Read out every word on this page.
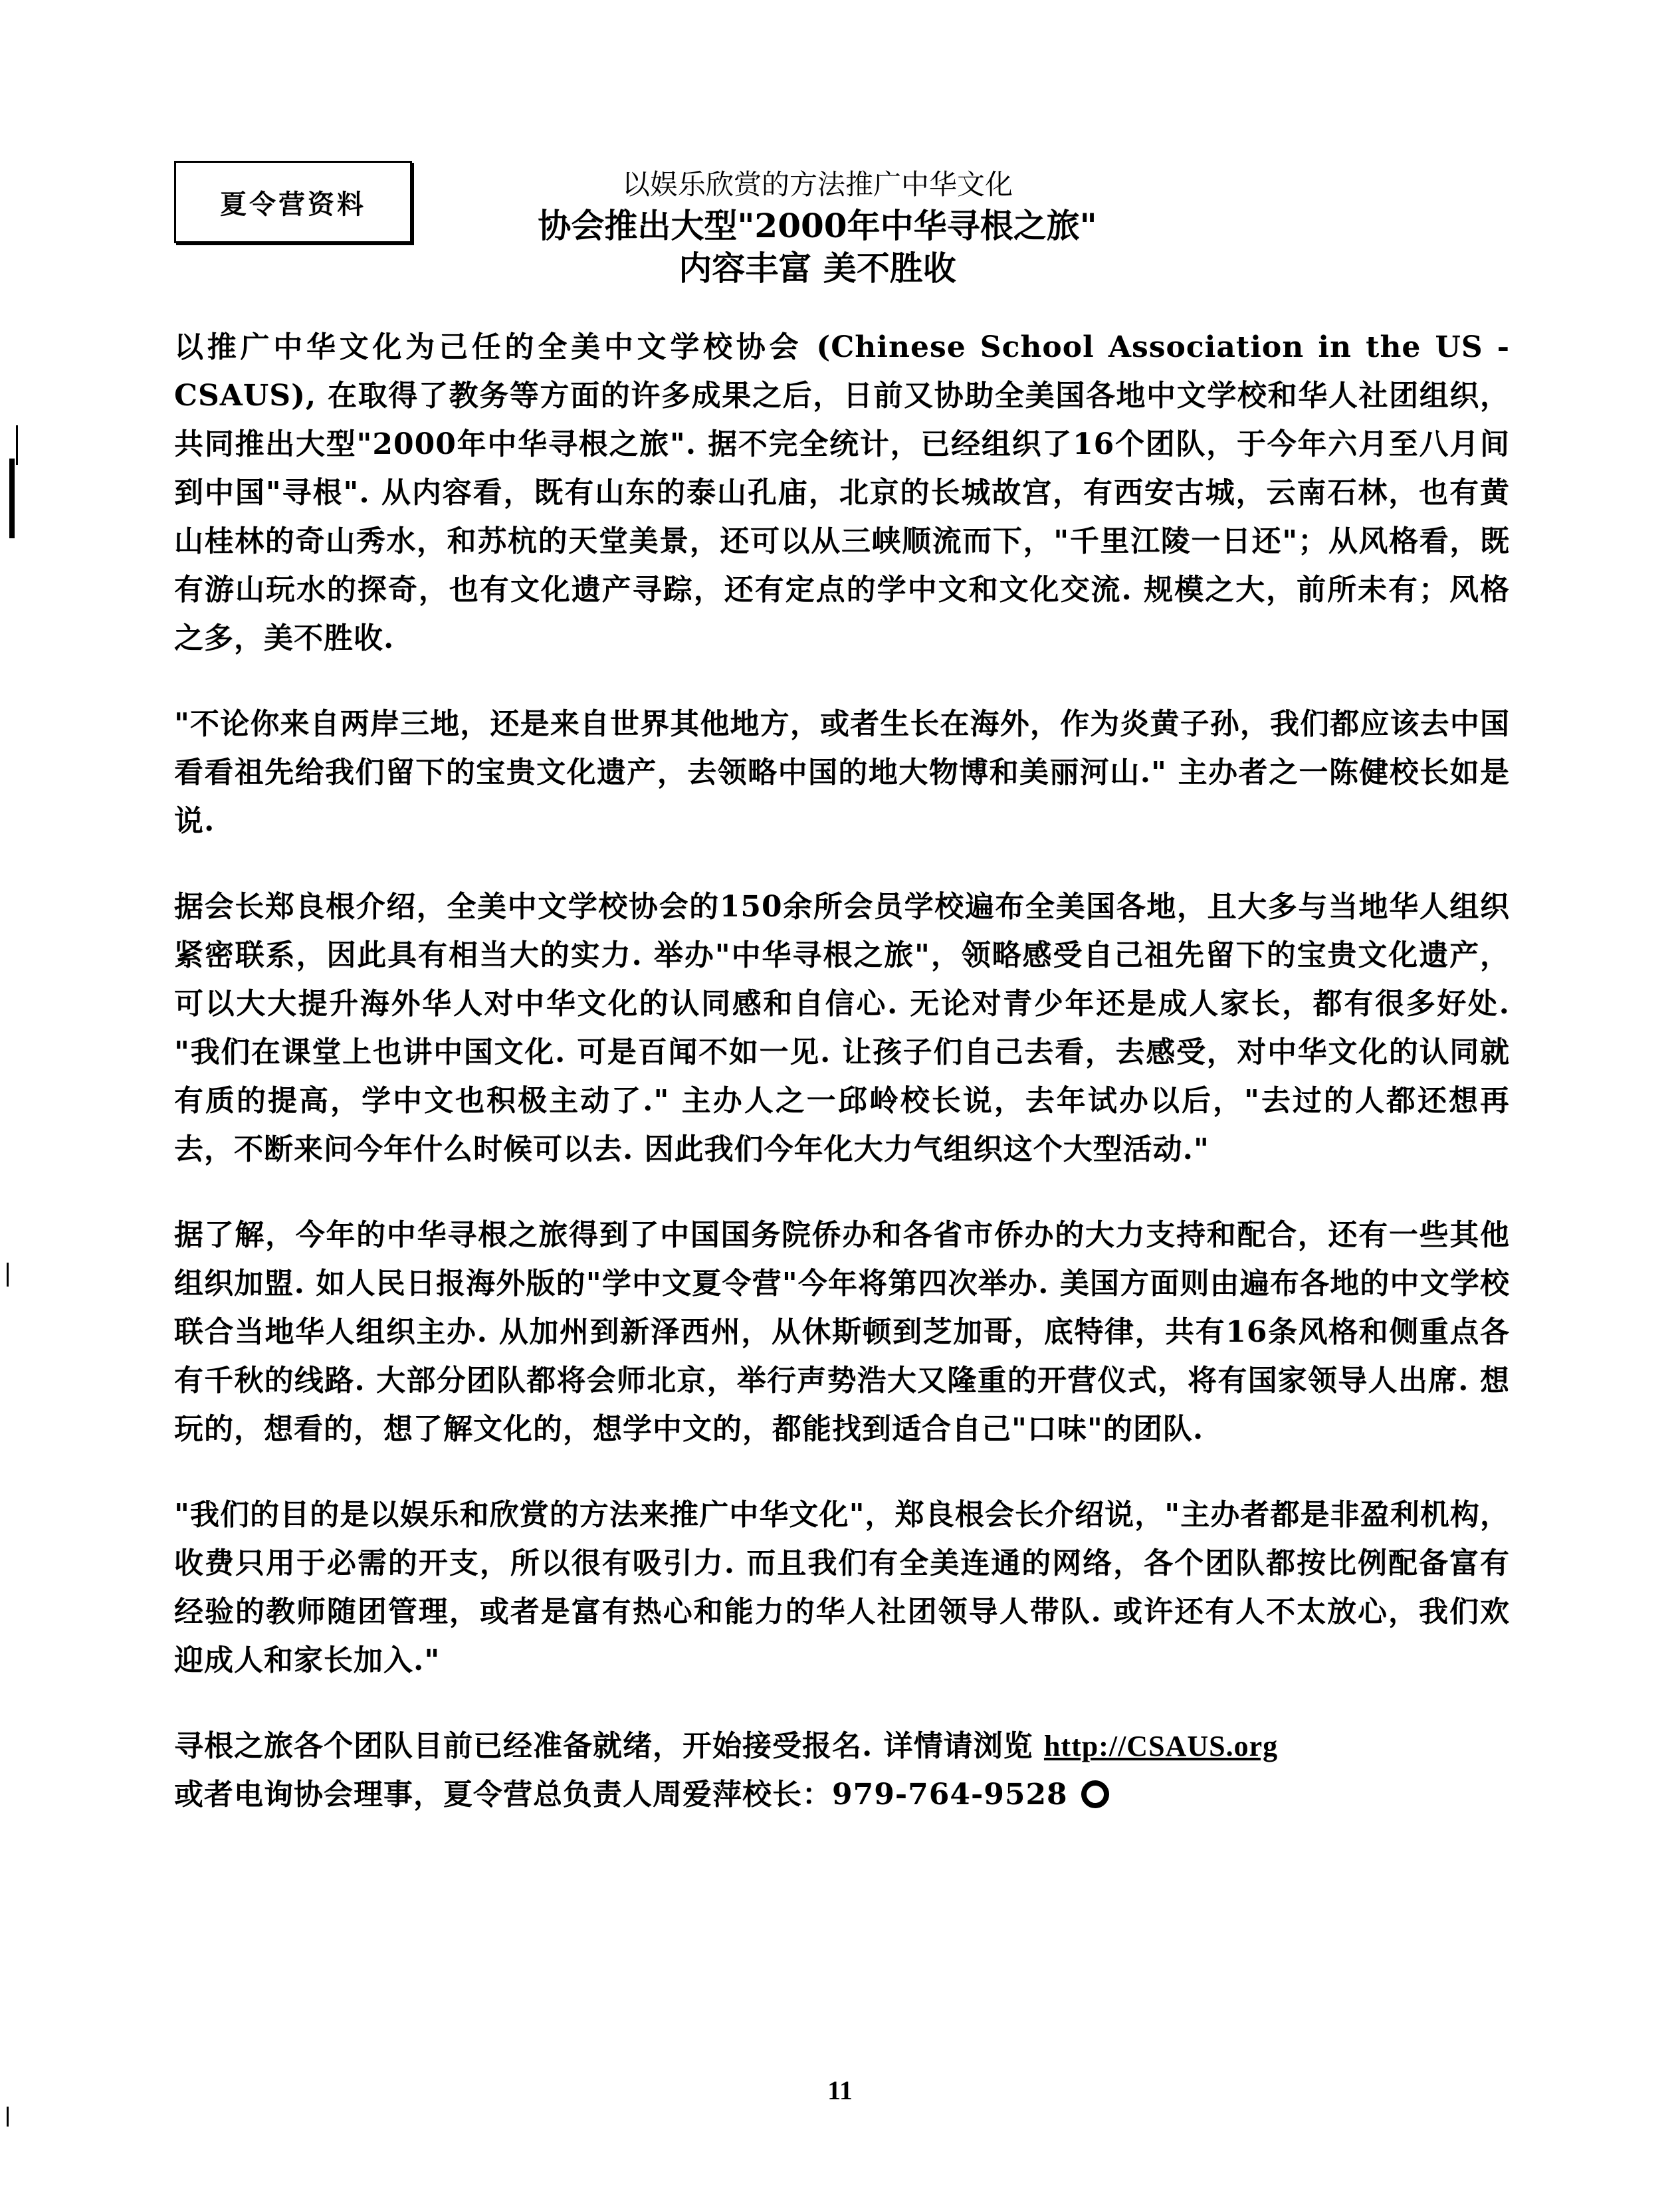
夏令营资料

以娱乐欣赏的方法推广中华文化

协会推出大型"2000年中华寻根之旅"

内容丰富 美不胜收

以推广中华文化为己任的全美中文学校协会 (Chinese School Association in the US - CSAUS), 在取得了教务等方面的许多成果之后，日前又协助全美国各地中文学校和华人社团组织，共同推出大型"2000年中华寻根之旅". 据不完全统计，已经组织了16个团队，于今年六月至八月间到中国"寻根". 从内容看，既有山东的泰山孔庙，北京的长城故宫，有西安古城，云南石林，也有黄山桂林的奇山秀水，和苏杭的天堂美景，还可以从三峡顺流而下，"千里江陵一日还"；从风格看，既有游山玩水的探奇，也有文化遗产寻踪，还有定点的学中文和文化交流. 规模之大，前所未有；风格之多，美不胜收.

"不论你来自两岸三地，还是来自世界其他地方，或者生长在海外，作为炎黄子孙，我们都应该去中国看看祖先给我们留下的宝贵文化遗产，去领略中国的地大物博和美丽河山." 主办者之一陈健校长如是说.

据会长郑良根介绍，全美中文学校协会的150余所会员学校遍布全美国各地，且大多与当地华人组织紧密联系，因此具有相当大的实力. 举办"中华寻根之旅"，领略感受自己祖先留下的宝贵文化遗产，可以大大提升海外华人对中华文化的认同感和自信心. 无论对青少年还是成人家长，都有很多好处. "我们在课堂上也讲中国文化. 可是百闻不如一见. 让孩子们自己去看，去感受，对中华文化的认同就有质的提高，学中文也积极主动了." 主办人之一邱岭校长说，去年试办以后，"去过的人都还想再去，不断来问今年什么时候可以去. 因此我们今年化大力气组织这个大型活动."

据了解，今年的中华寻根之旅得到了中国国务院侨办和各省市侨办的大力支持和配合，还有一些其他组织加盟. 如人民日报海外版的"学中文夏令营"今年将第四次举办. 美国方面则由遍布各地的中文学校联合当地华人组织主办. 从加州到新泽西州，从休斯顿到芝加哥，底特律，共有16条风格和侧重点各有千秋的线路. 大部分团队都将会师北京，举行声势浩大又隆重的开营仪式，将有国家领导人出席. 想玩的，想看的，想了解文化的，想学中文的，都能找到适合自己"口味"的团队.

"我们的目的是以娱乐和欣赏的方法来推广中华文化"，郑良根会长介绍说，"主办者都是非盈利机构，收费只用于必需的开支，所以很有吸引力. 而且我们有全美连通的网络，各个团队都按比例配备富有经验的教师随团管理，或者是富有热心和能力的华人社团领导人带队. 或许还有人不太放心，我们欢迎成人和家长加入."

寻根之旅各个团队目前已经准备就绪，开始接受报名. 详情请浏览 http://CSAUS.org
或者电询协会理事，夏令营总负责人周爱萍校长：979-764-9528

11
